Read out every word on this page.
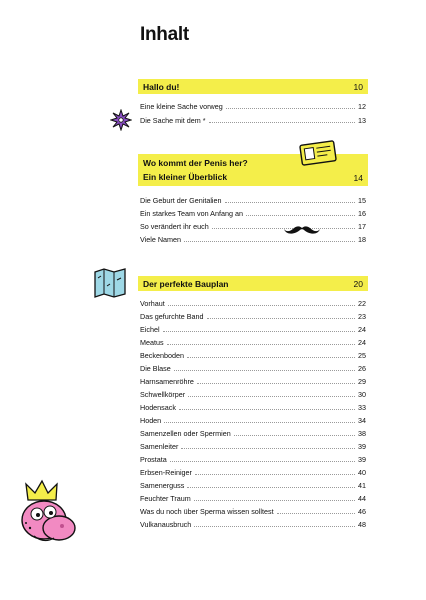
Inhalt
Hallo du!	10
Eine kleine Sache vorweg	12
Die Sache mit dem *	13
Wo kommt der Penis her?
Ein kleiner Überblick	14
Die Geburt der Genitalien	15
Ein starkes Team von Anfang an	16
So verändert ihr euch	17
Viele Namen	18
Der perfekte Bauplan	20
Vorhaut	22
Das gefurchte Band	23
Eichel	24
Meatus	24
Beckenboden	25
Die Blase	26
Harnsamenröhre	29
Schwellkörper	30
Hodensack	33
Hoden	34
Samenzellen oder Spermien	38
Samenleiter	39
Prostata	39
Erbsen-Reiniger	40
Samenerguss	41
Feuchter Traum	44
Was du noch über Sperma wissen solltest	46
Vulkanausbruch	48
